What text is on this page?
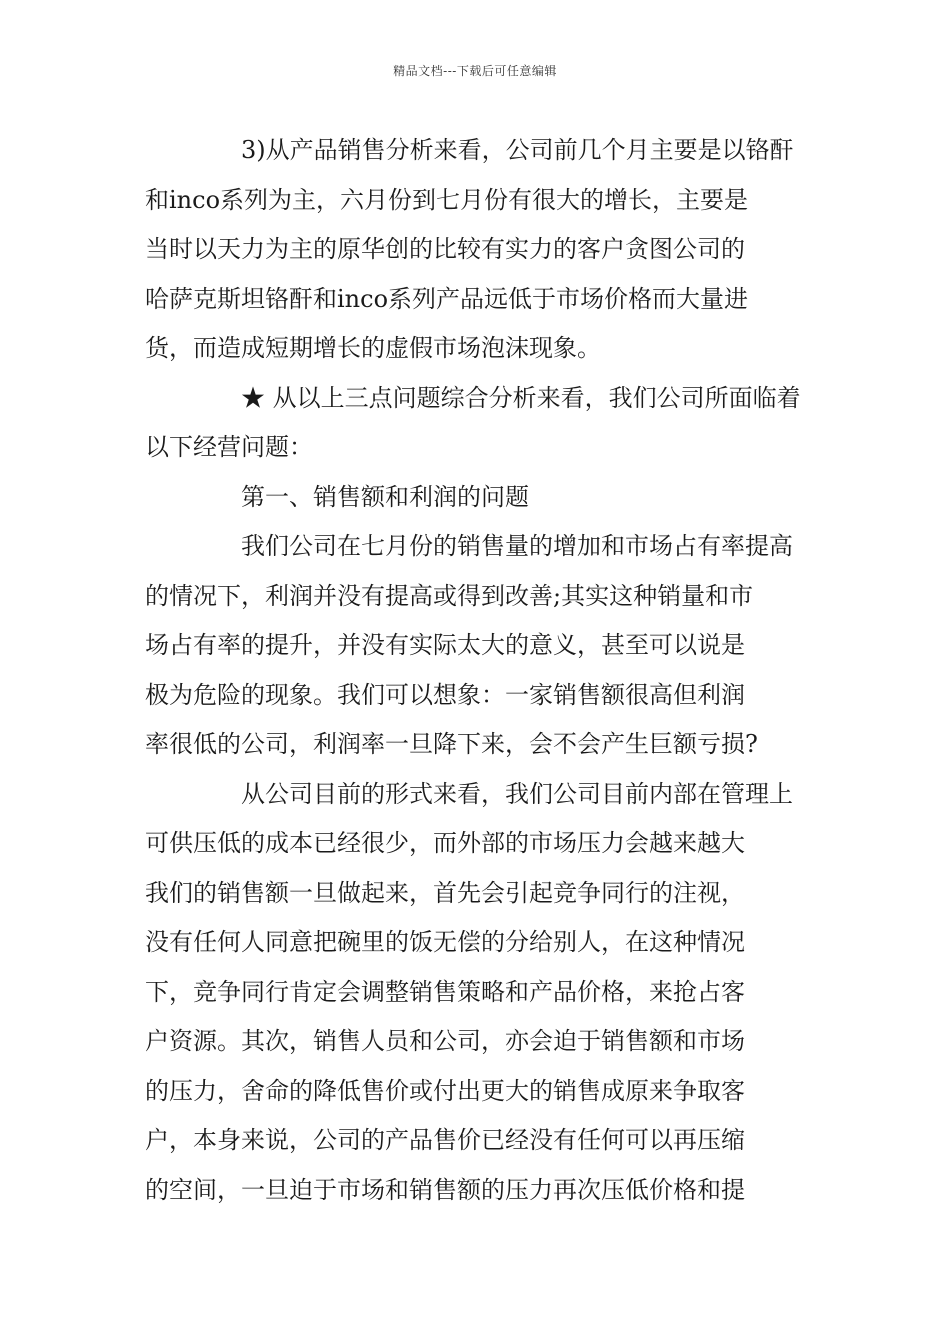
精品文档---下载后可任意编辑
3)从产品销售分析来看，公司前几个月主要是以铬酐
和inco系列为主，六月份到七月份有很大的增长，主要是
当时以天力为主的原华创的比较有实力的客户贪图公司的
哈萨克斯坦铬酐和inco系列产品远低于市场价格而大量进
货，而造成短期增长的虚假市场泡沫现象。
★ 从以上三点问题综合分析来看，我们公司所面临着
以下经营问题：
第一、销售额和利润的问题
我们公司在七月份的销售量的增加和市场占有率提高
的情况下，利润并没有提高或得到改善;其实这种销量和市
场占有率的提升，并没有实际太大的意义，甚至可以说是
极为危险的现象。我们可以想象：一家销售额很高但利润
率很低的公司，利润率一旦降下来，会不会产生巨额亏损?
从公司目前的形式来看，我们公司目前内部在管理上
可供压低的成本已经很少，而外部的市场压力会越来越大
我们的销售额一旦做起来，首先会引起竞争同行的注视，
没有任何人同意把碗里的饭无偿的分给别人，在这种情况
下，竞争同行肯定会调整销售策略和产品价格，来抢占客
户资源。其次，销售人员和公司，亦会迫于销售额和市场
的压力，舍命的降低售价或付出更大的销售成原来争取客
户，本身来说，公司的产品售价已经没有任何可以再压缩
的空间，一旦迫于市场和销售额的压力再次压低价格和提
